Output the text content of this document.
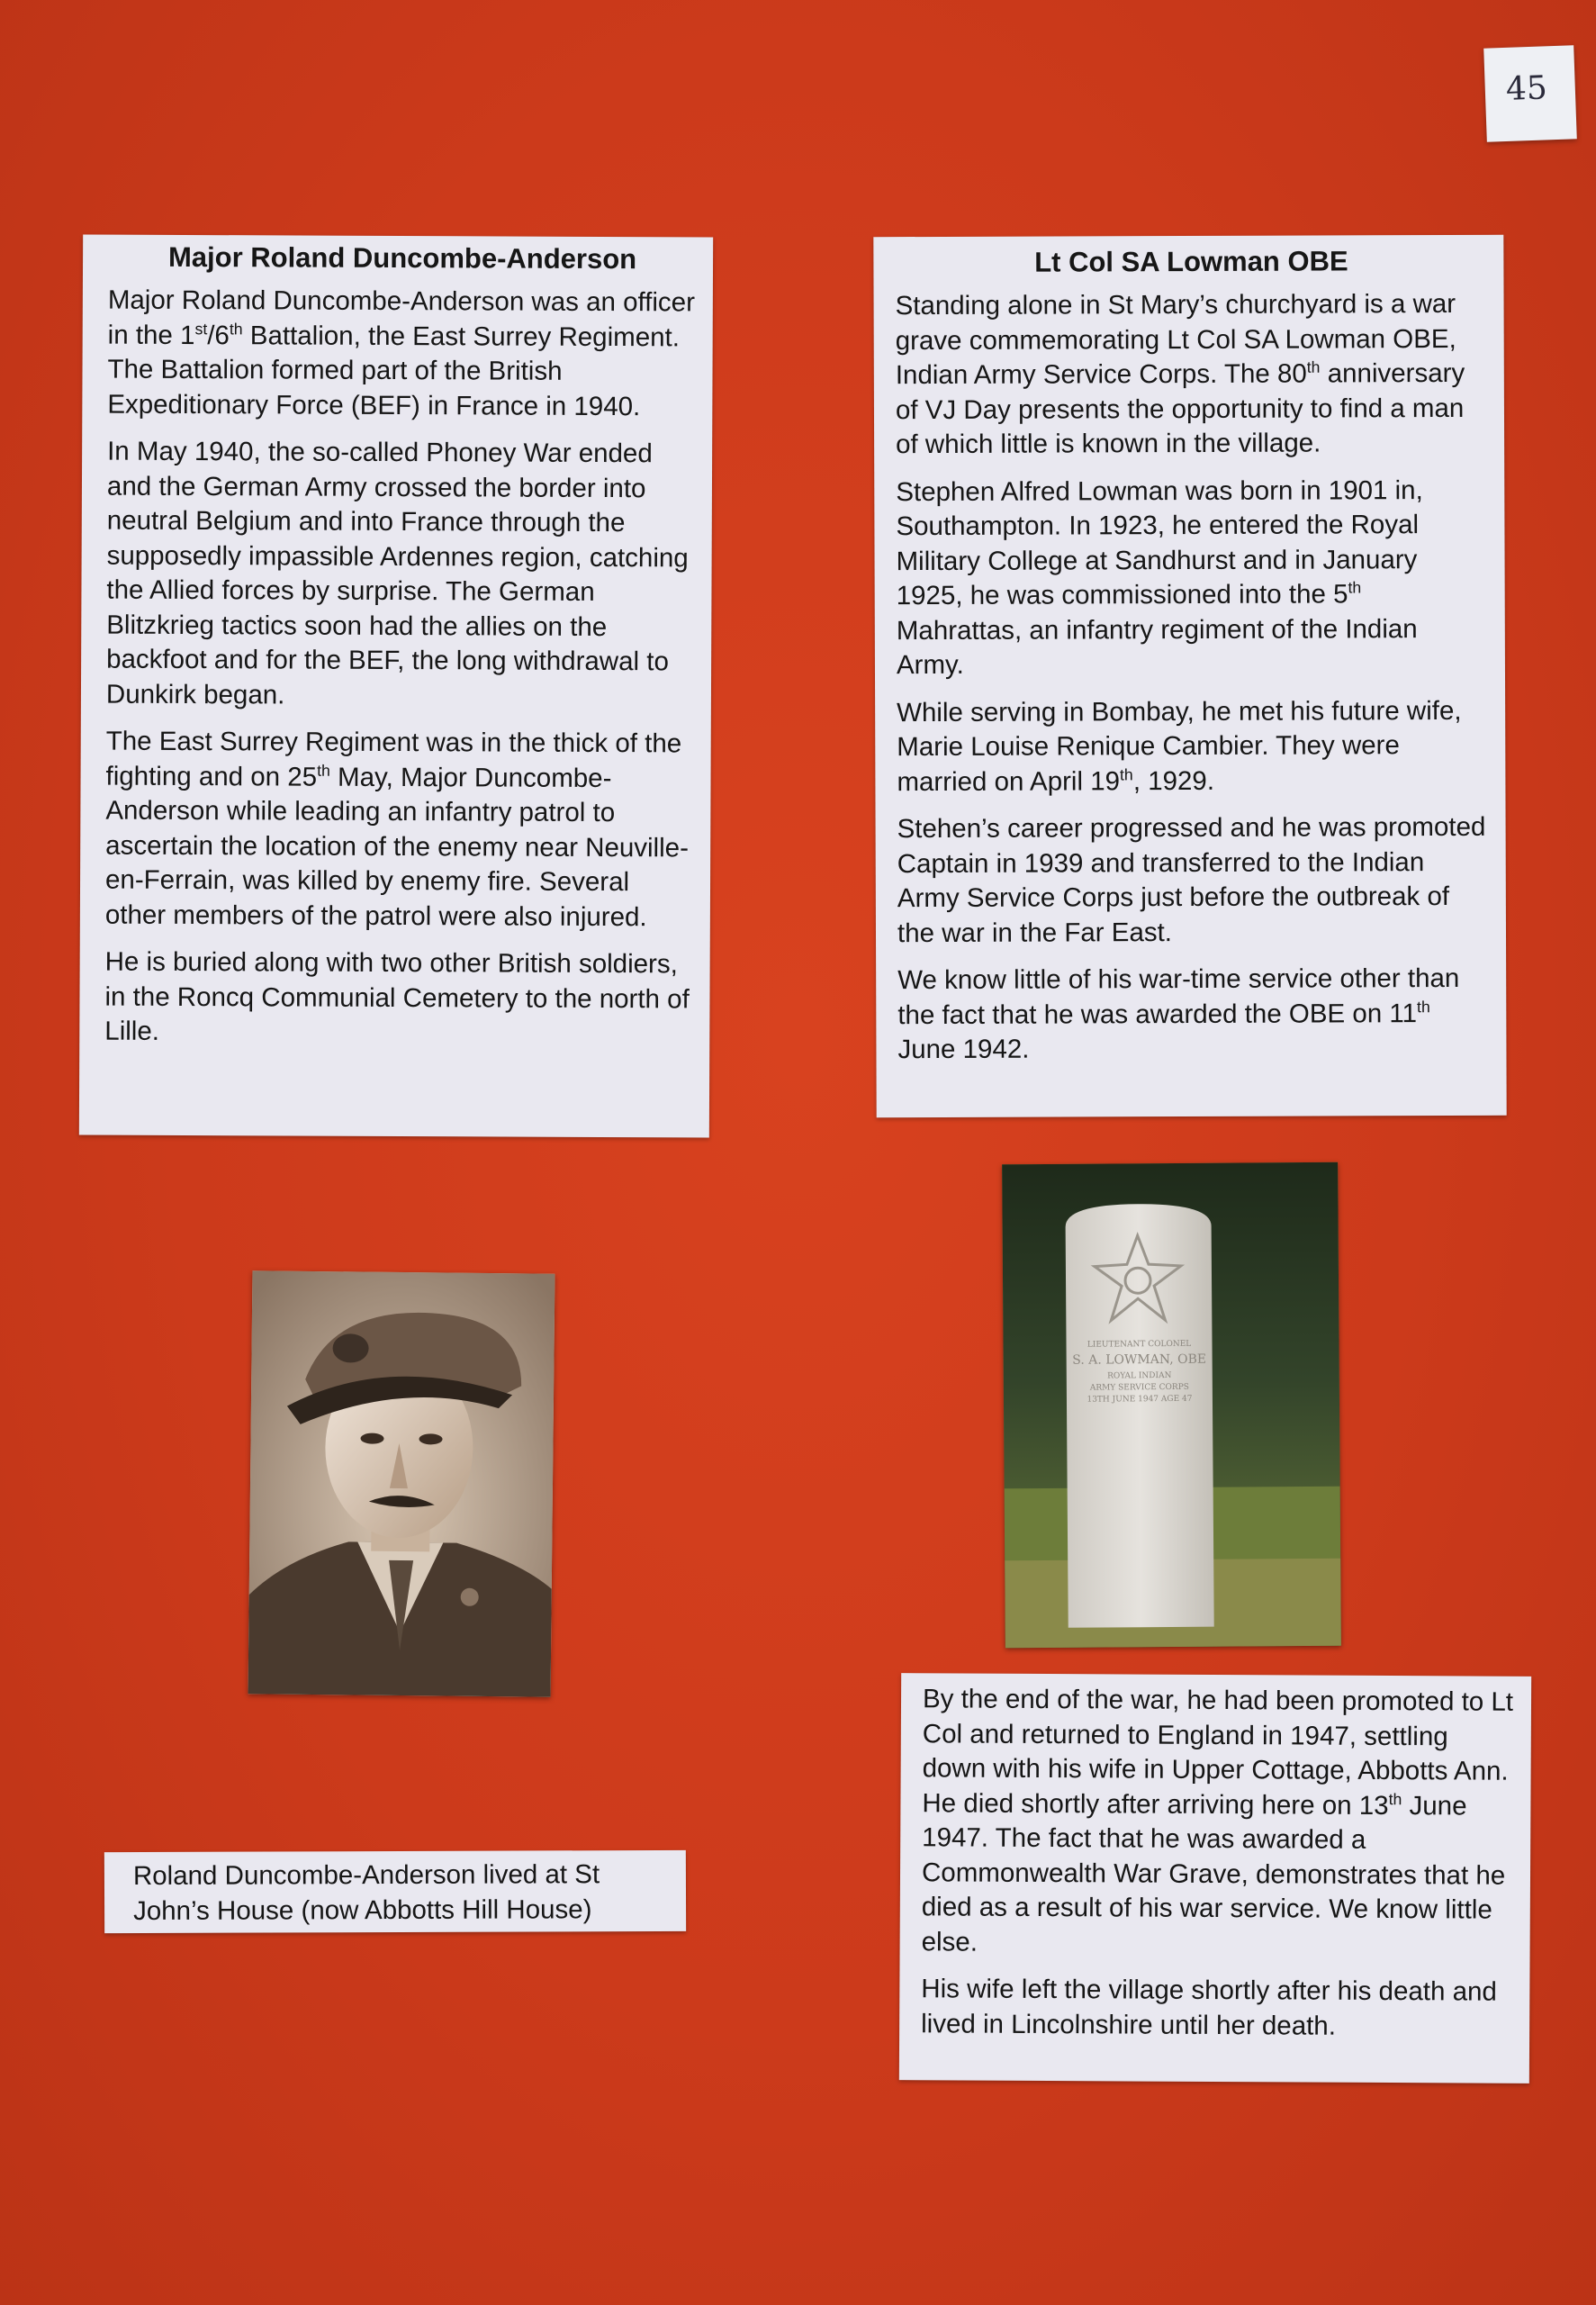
45
Major Roland Duncombe-Anderson

Major Roland Duncombe-Anderson was an officer in the 1st/6th Battalion, the East Surrey Regiment. The Battalion formed part of the British Expeditionary Force (BEF) in France in 1940.

In May 1940, the so-called Phoney War ended and the German Army crossed the border into neutral Belgium and into France through the supposedly impassible Ardennes region, catching the Allied forces by surprise. The German Blitzkrieg tactics soon had the allies on the backfoot and for the BEF, the long withdrawal to Dunkirk began.

The East Surrey Regiment was in the thick of the fighting and on 25th May, Major Duncombe-Anderson while leading an infantry patrol to ascertain the location of the enemy near Neuville-en-Ferrain, was killed by enemy fire. Several other members of the patrol were also injured.

He is buried along with two other British soldiers, in the Roncq Communial Cemetery to the north of Lille.

Lt Col SA Lowman OBE

Standing alone in St Mary’s churchyard is a war grave commemorating Lt Col SA Lowman OBE, Indian Army Service Corps. The 80th anniversary of VJ Day presents the opportunity to find a man of which little is known in the village.

Stephen Alfred Lowman was born in 1901 in, Southampton. In 1923, he entered the Royal Military College at Sandhurst and in January 1925, he was commissioned into the 5th Mahrattas, an infantry regiment of the Indian Army.

While serving in Bombay, he met his future wife, Marie Louise Renique Cambier. They were married on April 19th, 1929.

Stehen’s career progressed and he was promoted Captain in 1939 and transferred to the Indian Army Service Corps just before the outbreak of the war in the Far East.

We know little of his war-time service other than the fact that he was awarded the OBE on 11th June 1942.

LIEUTENANT COLONEL
S. A. LOWMAN, OBE
ROYAL INDIAN
ARMY SERVICE CORPS
13TH JUNE 1947 AGE 47

Roland Duncombe-Anderson lived at St John’s House (now Abbotts Hill House)

By the end of the war, he had been promoted to Lt Col and returned to England in 1947, settling down with his wife in Upper Cottage, Abbotts Ann. He died shortly after arriving here on 13th June 1947. The fact that he was awarded a Commonwealth War Grave, demonstrates that he died as a result of his war service. We know little else.

His wife left the village shortly after his death and lived in Lincolnshire until her death.
